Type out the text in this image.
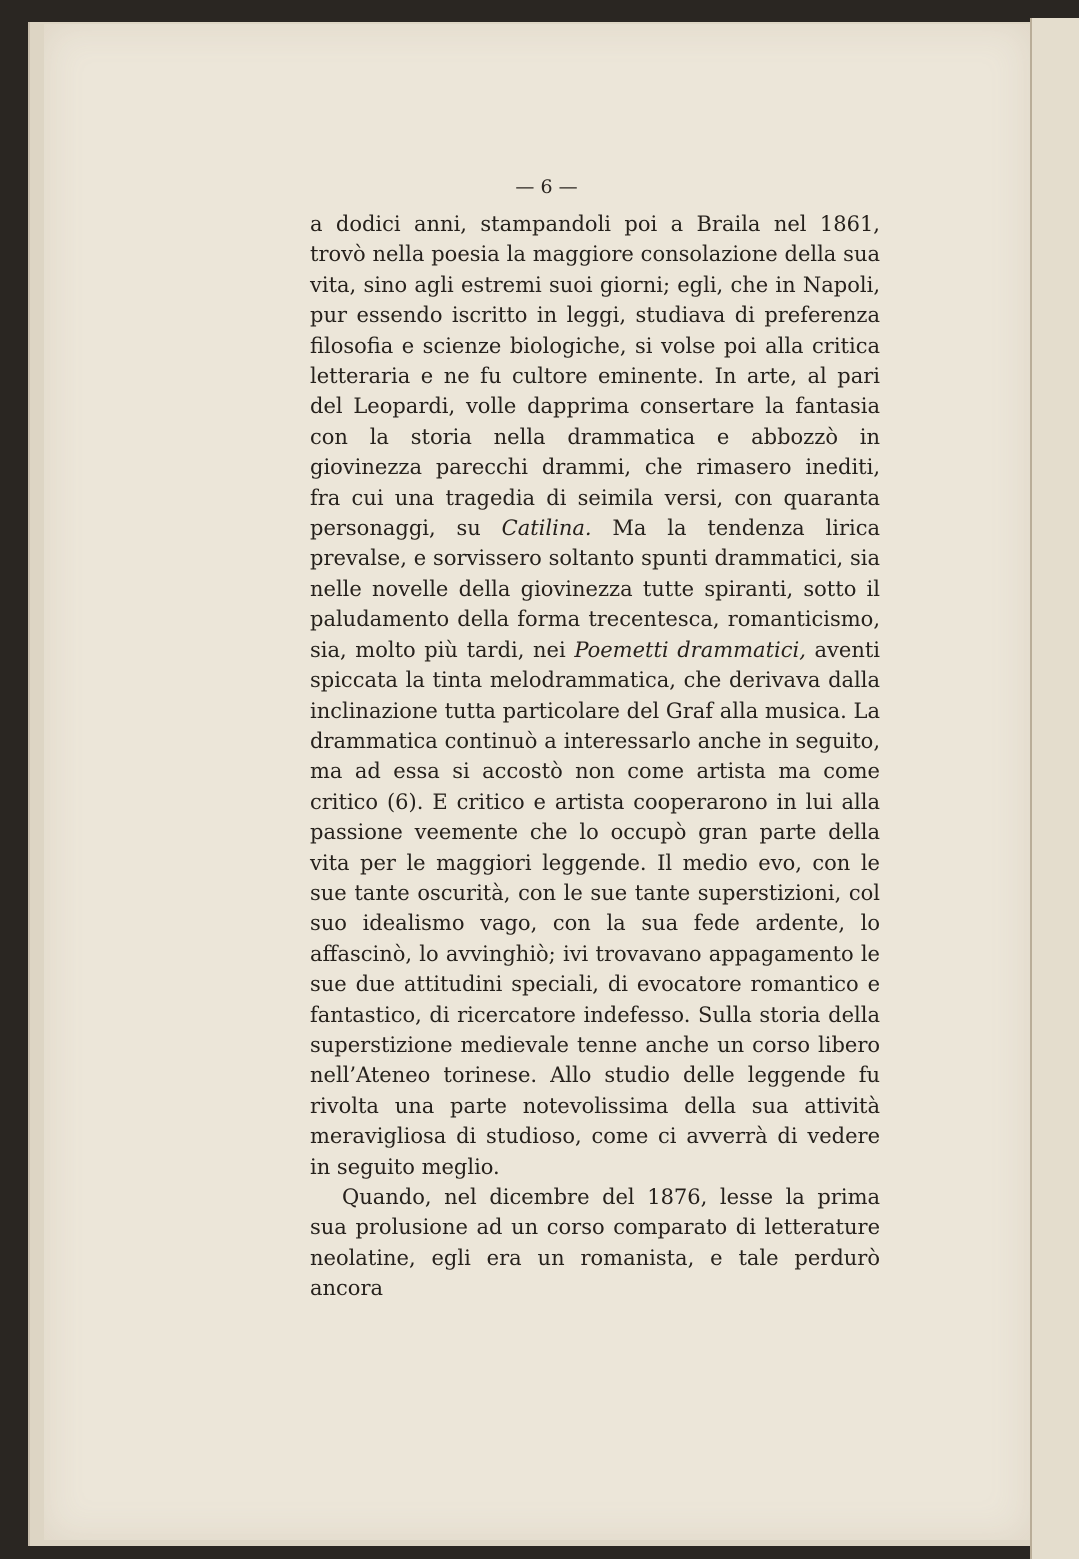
— 6 —

a dodici anni, stampandoli poi a Braila nel 1861, trovò nella poesia la maggiore consolazione della sua vita, sino agli estremi suoi giorni; egli, che in Napoli, pur essendo iscritto in leggi, studiava di preferenza filosofia e scienze biologiche, si volse poi alla critica letteraria e ne fu cultore eminente. In arte, al pari del Leopardi, volle dapprima consertare la fantasia con la storia nella drammatica e abbozzò in giovinezza parecchi drammi, che rimasero inediti, fra cui una tragedia di seimila versi, con quaranta personaggi, su Catilina. Ma la tendenza lirica prevalse, e sorvissero soltanto spunti drammatici, sia nelle novelle della giovinezza tutte spiranti, sotto il paludamento della forma trecentesca, romanticismo, sia, molto più tardi, nei Poemetti drammatici, aventi spiccata la tinta melodrammatica, che derivava dalla inclinazione tutta particolare del Graf alla musica. La drammatica continuò a interessarlo anche in seguito, ma ad essa si accostò non come artista ma come critico (6). E critico e artista cooperarono in lui alla passione veemente che lo occupò gran parte della vita per le maggiori leggende. Il medio evo, con le sue tante oscurità, con le sue tante superstizioni, col suo idealismo vago, con la sua fede ardente, lo affascinò, lo avvinghiò; ivi trovavano appagamento le sue due attitudini speciali, di evocatore romantico e fantastico, di ricercatore indefesso. Sulla storia della superstizione medievale tenne anche un corso libero nell’Ateneo torinese. Allo studio delle leggende fu rivolta una parte notevolissima della sua attività meravigliosa di studioso, come ci avverrà di vedere in seguito meglio.

Quando, nel dicembre del 1876, lesse la prima sua prolusione ad un corso comparato di letterature neolatine, egli era un romanista, e tale perdurò ancora
